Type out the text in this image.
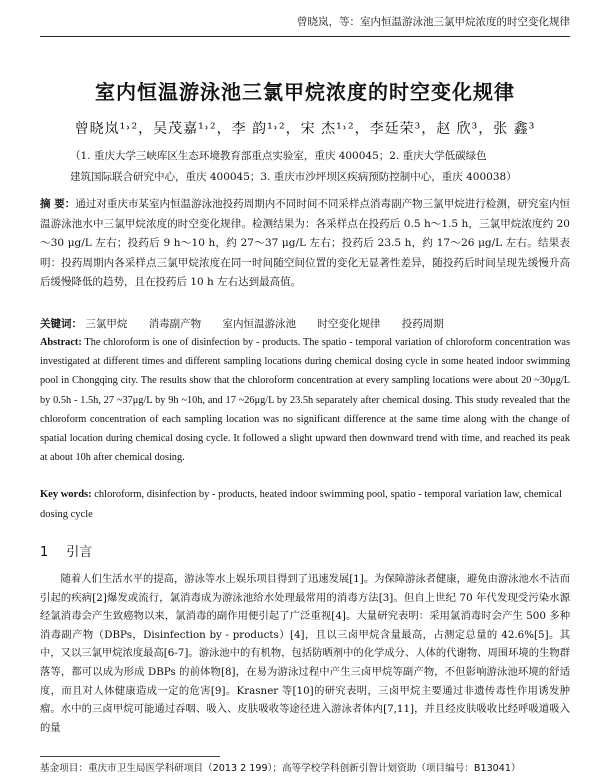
曾晓岚，等：室内恒温游泳池三氯甲烷浓度的时空变化规律
室内恒温游泳池三氯甲烷浓度的时空变化规律
曾晓岚¹˒²，吴茂嘉¹˒²，李 韵¹˒²，宋 杰¹˒²，李廷荣³，赵 欣³，张 鑫³
（1. 重庆大学三峡库区生态环境教育部重点实验室，重庆 400045；2. 重庆大学低碳绿色
建筑国际联合研究中心，重庆 400045；3. 重庆市沙坪坝区疾病预防控制中心，重庆 400038）
摘 要：通过对重庆市某室内恒温游泳池投药周期内不同时间不同采样点消毒副产物三氯甲烷进行检测，研究室内恒温游泳池水中三氯甲烷浓度的时空变化规律。检测结果为：各采样点在投药后 0.5 h～1.5 h，三氯甲烷浓度约 20～30 μg/L 左右；投药后 9 h～10 h，约 27～37 μg/L 左右；投药后 23.5 h，约 17～26 μg/L 左右。结果表明：投药周期内各采样点三氯甲烷浓度在同一时间随空间位置的变化无显著性差异，随投药后时间呈现先缓慢升高后缓慢降低的趋势，且在投药后 10 h 左右达到最高值。
关键词： 三氯甲烷 消毒副产物 室内恒温游泳池 时空变化规律 投药周期
Abstract: The chloroform is one of disinfection by - products. The spatio - temporal variation of chloroform concentration was investigated at different times and different sampling locations during chemical dosing cycle in some heated indoor swimming pool in Chongqing city. The results show that the chloroform concentration at every sampling locations were about 20 ~30μg/L by 0.5h - 1.5h, 27 ~37μg/L by 9h ~10h, and 17 ~26μg/L by 23.5h separately after chemical dosing. This study revealed that the chloroform concentration of each sampling location was no significant difference at the same time along with the change of spatial location during chemical dosing cycle. It followed a slight upward then downward trend with time, and reached its peak at about 10h after chemical dosing.
Key words: chloroform, disinfection by - products, heated indoor swimming pool, spatio - temporal variation law, chemical dosing cycle
1 引言
随着人们生活水平的提高，游泳等水上娱乐项目得到了迅速发展[1]。为保障游泳者健康，避免由游泳池水不洁而引起的疾病[2]爆发或流行，氯消毒成为游泳池给水处理最常用的消毒方法[3]。但自上世纪 70 年代发现受污染水源经氯消毒会产生致癌物以来，氯消毒的副作用便引起了广泛重视[4]。大量研究表明：采用氯消毒时会产生 500 多种消毒副产物（DBPs，Disinfection by - products）[4]，且以三卤甲烷含量最高，占测定总量的 42.6%[5]。其中，又以三氯甲烷浓度最高[6-7]。游泳池中的有机物，包括防晒剂中的化学成分、人体的代谢物、周围环境的生物群落等，都可以成为形成 DBPs 的前体物[8]，在易为游泳过程中产生三卤甲烷等副产物，不但影响游泳池环境的舒适度，而且对人体健康造成一定的危害[9]。Krasner 等[10]的研究表明，三卤甲烷主要通过非遗传毒性作用诱发肿瘤。水中的三卤甲烷可能通过吞咽、吸入、皮肤吸收等途径进入游泳者体内[7,11]，并且经皮肤吸收比经呼吸道吸入的量
基金项目：重庆市卫生局医学科研项目（2013 2 199）；高等学校学科创新引智计划资助（项目编号：B13041）
